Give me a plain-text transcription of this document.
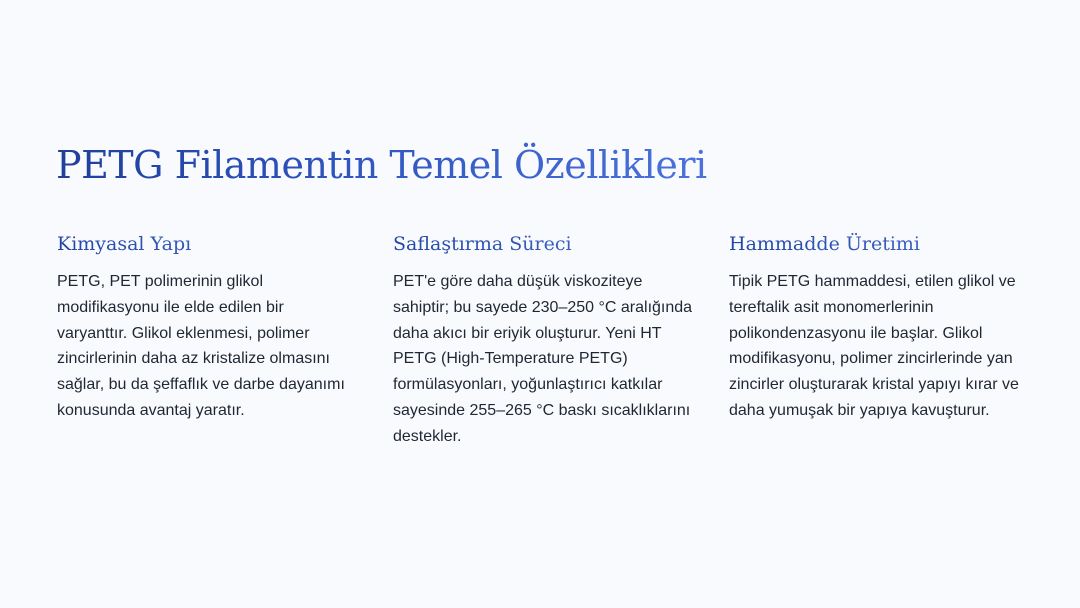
PETG Filamentin Temel Özellikleri
Kimyasal Yapı

PETG, PET polimerinin glikol modifikasyonu ile elde edilen bir varyanttır. Glikol eklenmesi, polimer zincirlerinin daha az kristalize olmasını sağlar, bu da şeffaflık ve darbe dayanımı konusunda avantaj yaratır.

Saflaştırma Süreci

PET'e göre daha düşük viskoziteye sahiptir; bu sayede 230–250 °C aralığında daha akıcı bir eriyik oluşturur. Yeni HT PETG (High-Temperature PETG) formülasyonları, yoğunlaştırıcı katkılar sayesinde 255–265 °C baskı sıcaklıklarını destekler.

Hammadde Üretimi

Tipik PETG hammaddesi, etilen glikol ve tereftalik asit monomerlerinin polikondenzasyonu ile başlar. Glikol modifikasyonu, polimer zincirlerinde yan zincirler oluşturarak kristal yapıyı kırar ve daha yumuşak bir yapıya kavuşturur.
